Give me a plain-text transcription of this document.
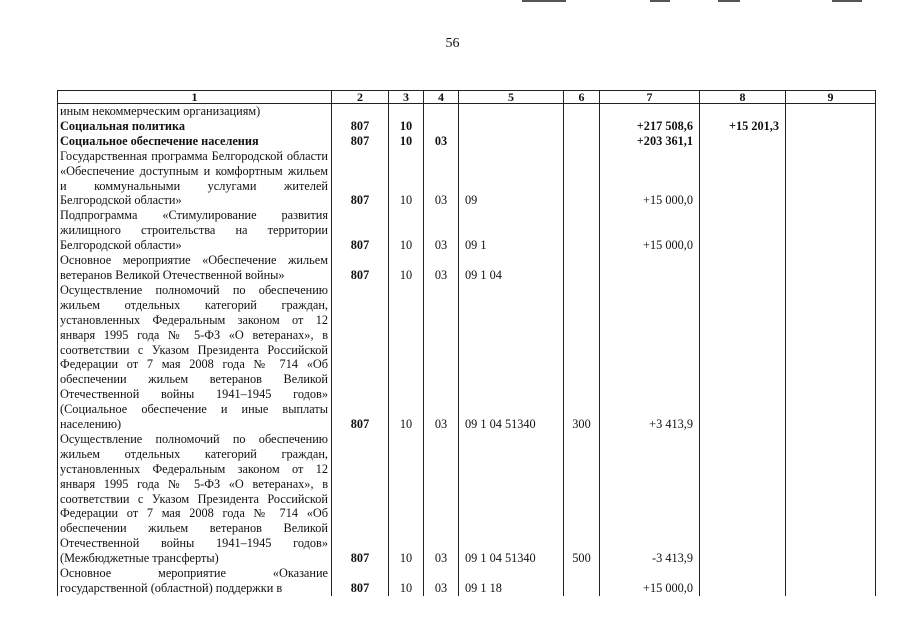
56
1	2	3	4	5	6	7	8	9
иным некоммерческим организациям)								
Социальная политика	807	10				+217 508,6	+15 201,3	
Социальное обеспечение населения	807	10	03			+203 361,1		
Государственная программа Белгородской области «Обеспечение доступным и комфортным жильем и коммунальными услугами жителей Белгородской области»	807	10	03	09		+15 000,0		
Подпрограмма «Стимулирование развития жилищного строительства на территории Белгородской области»	807	10	03	09 1		+15 000,0		
Основное мероприятие «Обеспечение жильем ветеранов Великой Отечественной войны»	807	10	03	09 1 04				
Осуществление полномочий по обеспечению жильем отдельных категорий граждан, установленных Федеральным законом от 12 января 1995 года № 5-ФЗ «О ветеранах», в соответствии с Указом Президента Российской Федерации от 7 мая 2008 года № 714 «Об обеспечении жильем ветеранов Великой Отечественной войны 1941–1945 годов» (Социальное обеспечение и иные выплаты населению)	807	10	03	09 1 04 51340	300	+3 413,9		
Осуществление полномочий по обеспечению жильем отдельных категорий граждан, установленных Федеральным законом от 12 января 1995 года № 5-ФЗ «О ветеранах», в соответствии с Указом Президента Российской Федерации от 7 мая 2008 года № 714 «Об обеспечении жильем ветеранов Великой Отечественной войны 1941–1945 годов» (Межбюджетные трансферты)	807	10	03	09 1 04 51340	500	-3 413,9		
Основное мероприятие «Оказание государственной (областной) поддержки в	807	10	03	09 1 18		+15 000,0		
